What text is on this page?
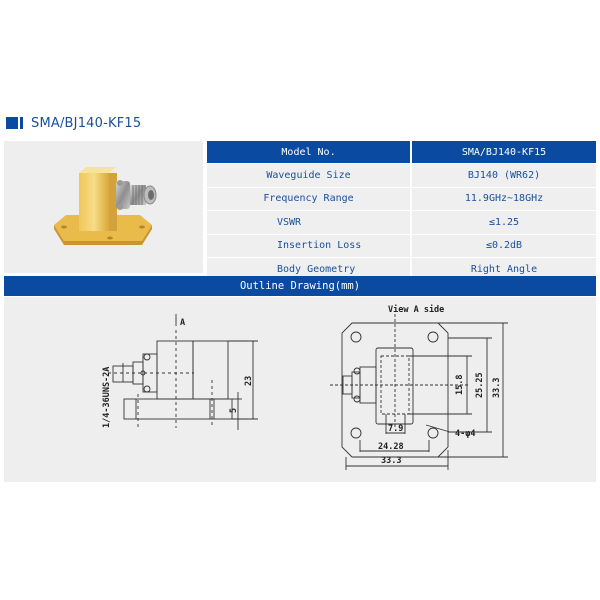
SMA/BJ140-KF15
Model No.	SMA/BJ140-KF15
Waveguide Size	BJ140 (WR62)
Frequency Range	11.9GHz~18GHz
VSWR	≤1.25
Insertion Loss	≤0.2dB
Body Geometry	Right Angle
Outline Drawing(mm)
A
1/4-36UNS-2A	23
5
View A side
15.8 25.25 33.3
7.9
24.28
33.3
4-φ4
